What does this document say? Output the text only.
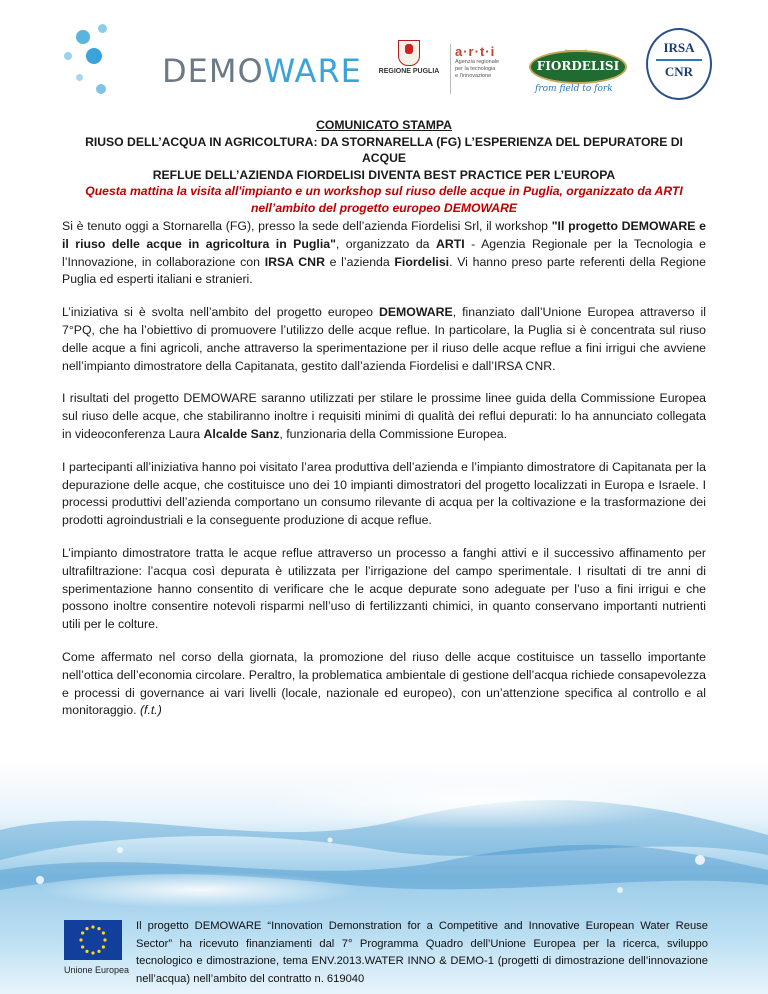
DEMOWARE	REGIONE PUGLIA
a·r·t·i
Agenzia regionale
per la tecnologia
e l'innovazione
FIORDELISI
from field to fork
IRSA
CNR
COMUNICATO STAMPA
RIUSO DELL’ACQUA IN AGRICOLTURA: DA STORNARELLA (FG) L’ESPERIENZA DEL DEPURATORE DI ACQUE
REFLUE DELL’AZIENDA FIORDELISI DIVENTA BEST PRACTICE PER L’EUROPA
Questa mattina la visita all'impianto e un workshop sul riuso delle acque in Puglia, organizzato da ARTI
nell’ambito del progetto europeo DEMOWARE

Si è tenuto oggi a Stornarella (FG), presso la sede dell’azienda Fiordelisi Srl, il workshop "Il progetto DEMOWARE e il riuso delle acque in agricoltura in Puglia", organizzato da ARTI - Agenzia Regionale per la Tecnologia e l’Innovazione, in collaborazione con IRSA CNR e l’azienda Fiordelisi. Vi hanno preso parte referenti della Regione Puglia ed esperti italiani e stranieri.

L’iniziativa si è svolta nell’ambito del progetto europeo DEMOWARE, finanziato dall’Unione Europea attraverso il 7°PQ, che ha l’obiettivo di promuovere l’utilizzo delle acque reflue. In particolare, la Puglia si è concentrata sul riuso delle acque a fini agricoli, anche attraverso la sperimentazione per il riuso delle acque reflue a fini irrigui che avviene nell’impianto dimostratore della Capitanata, gestito dall’azienda Fiordelisi e dall’IRSA CNR.

I risultati del progetto DEMOWARE saranno utilizzati per stilare le prossime linee guida della Commissione Europea sul riuso delle acque, che stabiliranno inoltre i requisiti minimi di qualità dei reflui depurati: lo ha annunciato collegata in videoconferenza Laura Alcalde Sanz, funzionaria della Commissione Europea.

I partecipanti all’iniziativa hanno poi visitato l’area produttiva dell’azienda e l’impianto dimostratore di Capitanata per la depurazione delle acque, che costituisce uno dei 10 impianti dimostratori del progetto localizzati in Europa e Israele. I processi produttivi dell’azienda comportano un consumo rilevante di acqua per la coltivazione e la trasformazione dei prodotti agroindustriali e la conseguente produzione di acque reflue.

L’impianto dimostratore tratta le acque reflue attraverso un processo a fanghi attivi e il successivo affinamento per ultrafiltrazione: l’acqua così depurata è utilizzata per l’irrigazione del campo sperimentale. I risultati di tre anni di sperimentazione hanno consentito di verificare che le acque depurate sono adeguate per l’uso a fini irrigui e che possono inoltre consentire notevoli risparmi nell’uso di fertilizzanti chimici, in quanto conservano importanti nutrienti utili per le colture.

Come affermato nel corso della giornata, la promozione del riuso delle acque costituisce un tassello importante nell’ottica dell’economia circolare. Peraltro, la problematica ambientale di gestione dell’acqua richiede consapevolezza e processi di governance ai vari livelli (locale, nazionale ed europeo), con un’attenzione specifica al controllo e al monitoraggio. (f.t.)

Unione Europea
Il progetto DEMOWARE “Innovation Demonstration for a Competitive and Innovative European Water Reuse Sector” ha ricevuto finanziamenti dal 7° Programma Quadro dell’Unione Europea per la ricerca, sviluppo tecnologico e dimostrazione, tema ENV.2013.WATER INNO & DEMO-1 (progetti di dimostrazione dell’innovazione nell’acqua) nell’ambito del contratto n. 619040
